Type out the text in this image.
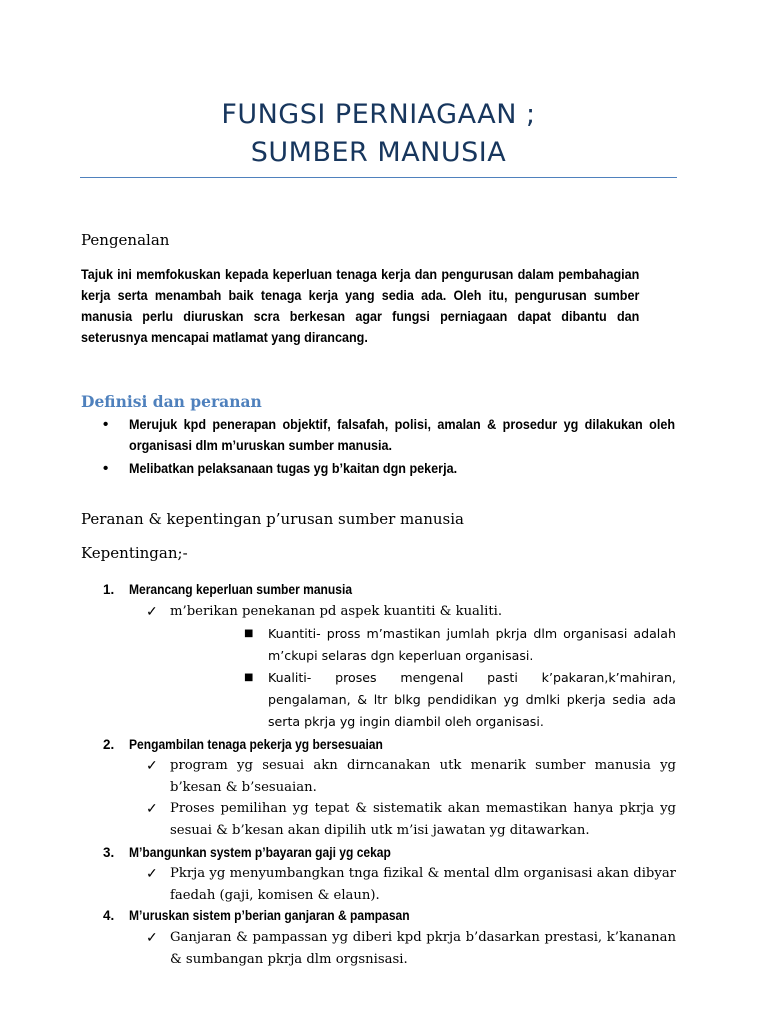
FUNGSI PERNIAGAAN ;
SUMBER MANUSIA
Pengenalan
Tajuk ini memfokuskan kepada keperluan tenaga kerja dan pengurusan dalam pembahagian kerja serta menambah baik tenaga kerja yang sedia ada. Oleh itu, pengurusan sumber manusia perlu diuruskan scra berkesan agar fungsi perniagaan dapat dibantu dan seterusnya mencapai matlamat yang dirancang.
Definisi dan peranan
• Merujuk kpd penerapan objektif, falsafah, polisi, amalan & prosedur yg dilakukan oleh organisasi dlm m’uruskan sumber manusia.
• Melibatkan pelaksanaan tugas yg b’kaitan dgn pekerja.
Peranan & kepentingan p’urusan sumber manusia
Kepentingan;-
1. Merancang keperluan sumber manusia
✓ m’berikan penekanan pd aspek kuantiti & kualiti.
■	Kuantiti- pross m’mastikan jumlah pkrja dlm organisasi adalah m’ckupi selaras dgn keperluan organisasi.
■	Kualiti- proses mengenal pasti k’pakaran,k’mahiran, pengalaman, & ltr blkg pendidikan yg dmlki pkerja sedia ada serta pkrja yg ingin diambil oleh organisasi.
2. Pengambilan tenaga pekerja yg bersesuaian
✓ program yg sesuai akn dirncanakan utk menarik sumber manusia yg b’kesan & b’sesuaian.
✓ Proses pemilihan yg tepat & sistematik akan memastikan hanya pkrja yg sesuai & b’kesan akan dipilih utk m’isi jawatan yg ditawarkan.
3. M’bangunkan system p’bayaran gaji yg cekap
✓ Pkrja yg menyumbangkan tnga fizikal & mental dlm organisasi akan dibyar faedah (gaji, komisen & elaun).
4. M’uruskan sistem p’berian ganjaran & pampasan
✓ Ganjaran & pampassan yg diberi kpd pkrja b’dasarkan prestasi, k’kananan & sumbangan pkrja dlm orgsnisasi.
